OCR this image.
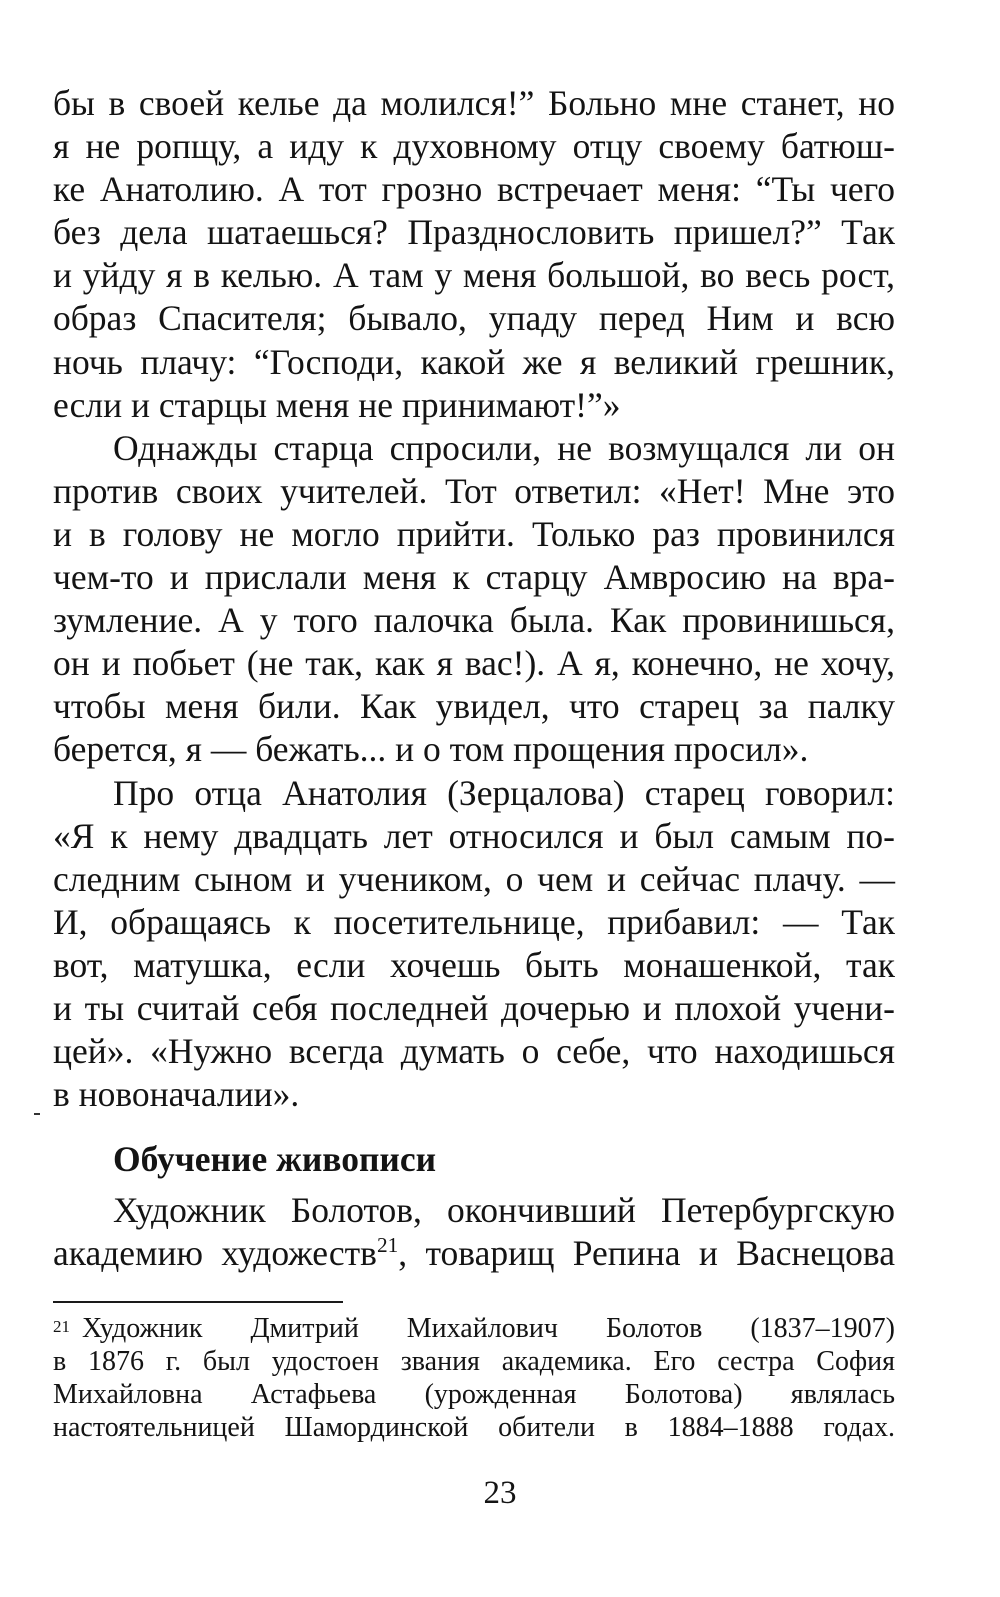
бы в своей келье да молился!” Больно мне станет, но
я не ропщу, а иду к духовному отцу своему батюш-
ке Анатолию. А тот грозно встречает меня: “Ты чего
без дела шатаешься? Празднословить пришел?” Так
и уйду я в келью. А там у меня большой, во весь рост,
образ Спасителя; бывало, упаду перед Ним и всю
ночь плачу: “Господи, какой же я великий грешник,
если и старцы меня не принимают!”»
Однажды старца спросили, не возмущался ли он
против своих учителей. Тот ответил: «Нет! Мне это
и в голову не могло прийти. Только раз провинился
чем-то и прислали меня к старцу Амвросию на вра-
зумление. А у того палочка была. Как провинишься,
он и побьет (не так, как я вас!). А я, конечно, не хочу,
чтобы меня били. Как увидел, что старец за палку
берется, я — бежать... и о том прощения просил».
Про отца Анатолия (Зерцалова) старец говорил:
«Я к нему двадцать лет относился и был самым по-
следним сыном и учеником, о чем и сейчас плачу. —
И, обращаясь к посетительнице, прибавил: — Так
вот, матушка, если хочешь быть монашенкой, так
и ты считай себя последней дочерью и плохой учени-
цей». «Нужно всегда думать о себе, что находишься
в новоначалии».
Обучение живописи
Художник Болотов, окончивший Петербургскую
академию художеств$^{21}$, товарищ Репина и Васнецова
21 Художник Дмитрий Михайлович Болотов (1837–1907)
в 1876 г. был удостоен звания академика. Его сестра София
Михайловна Астафьева (урожденная Болотова) являлась
настоятельницей Шамординской обители в 1884–1888 годах.
23
